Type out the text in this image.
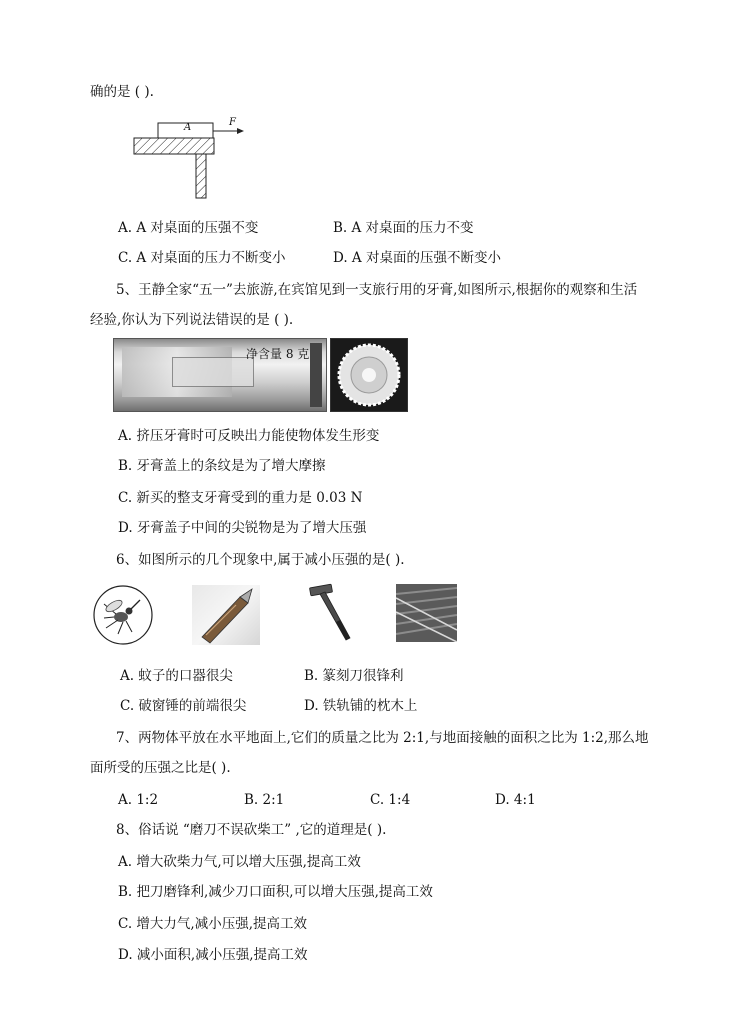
确的是 ( ).
A	F
A. A 对桌面的压强不变	B. A 对桌面的压力不变
C. A 对桌面的压力不断变小	D. A 对桌面的压强不断变小
5、王静全家“五一”去旅游,在宾馆见到一支旅行用的牙膏,如图所示,根据你的观察和生活
经验,你认为下列说法错误的是 ( ).
净含量 8 克
A. 挤压牙膏时可反映出力能使物体发生形变
B. 牙膏盖上的条纹是为了增大摩擦
C. 新买的整支牙膏受到的重力是 0.03 N
D. 牙膏盖子中间的尖锐物是为了增大压强
6、如图所示的几个现象中,属于减小压强的是( ).
A. 蚊子的口器很尖	B. 篆刻刀很锋利
C. 破窗锤的前端很尖	D. 铁轨铺的枕木上
7、两物体平放在水平地面上,它们的质量之比为 2:1,与地面接触的面积之比为 1:2,那么地
面所受的压强之比是( ).
A. 1:2	B. 2:1	C. 1:4	D. 4:1
8、俗话说 “磨刀不误砍柴工” ,它的道理是( ).
A. 增大砍柴力气,可以增大压强,提高工效
B. 把刀磨锋利,减少刀口面积,可以增大压强,提高工效
C. 增大力气,减小压强,提高工效
D. 减小面积,减小压强,提高工效
